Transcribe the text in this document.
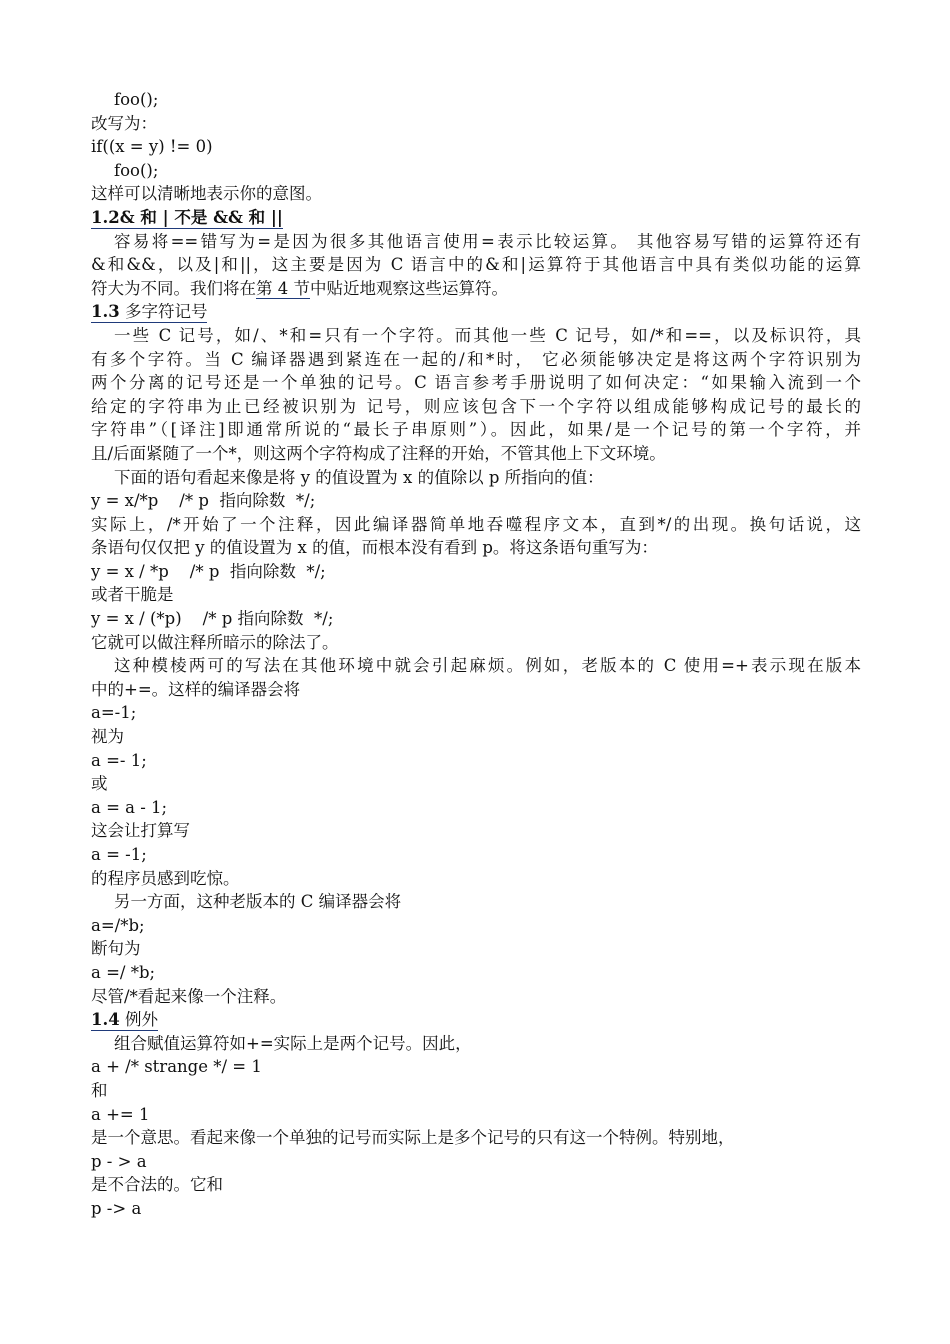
foo();
改写为：
if((x = y) != 0)
foo();
这样可以清晰地表示你的意图。
1.2& 和 | 不是 && 和 ||
容易将==错写为=是因为很多其他语言使用=表示比较运算。 其他容易写错的运算符还有
&和&&，以及|和||，这主要是因为 C 语言中的&和|运算符于其他语言中具有类似功能的运算
符大为不同。我们将在第 4 节中贴近地观察这些运算符。
1.3 多字符记号
一些 C 记号，如/、*和=只有一个字符。而其他一些 C 记号，如/*和==，以及标识符，具
有多个字符。当 C 编译器遇到紧连在一起的/和*时， 它必须能够决定是将这两个字符识别为
两个分离的记号还是一个单独的记号。C 语言参考手册说明了如何决定：“如果输入流到一个
给定的字符串为止已经被识别为 记号，则应该包含下一个字符以组成能够构成记号的最长的
字符串”（[译注]即通常所说的“最长子串原则”）。因此，如果/是一个记号的第一个字符，并
且/后面紧随了一个*，则这两个字符构成了注释的开始，不管其他上下文环境。
下面的语句看起来像是将 y 的值设置为 x 的值除以 p 所指向的值：
y = x/*p    /* p  指向除数  */;
实际上，/*开始了一个注释，因此编译器简单地吞噬程序文本，直到*/的出现。换句话说，这
条语句仅仅把 y 的值设置为 x 的值，而根本没有看到 p。将这条语句重写为：
y = x / *p    /* p  指向除数  */;
或者干脆是
y = x / (*p)    /* p 指向除数  */;
它就可以做注释所暗示的除法了。
这种模棱两可的写法在其他环境中就会引起麻烦。例如，老版本的 C 使用=+表示现在版本
中的+=。这样的编译器会将
a=-1;
视为
a =- 1;
或
a = a - 1;
这会让打算写
a = -1;
的程序员感到吃惊。
另一方面，这种老版本的 C 编译器会将
a=/*b;
断句为
a =/ *b;
尽管/*看起来像一个注释。
1.4 例外
组合赋值运算符如+=实际上是两个记号。因此，
a + /* strange */ = 1
和
a += 1
是一个意思。看起来像一个单独的记号而实际上是多个记号的只有这一个特例。特别地，
p - > a
是不合法的。它和
p -> a
